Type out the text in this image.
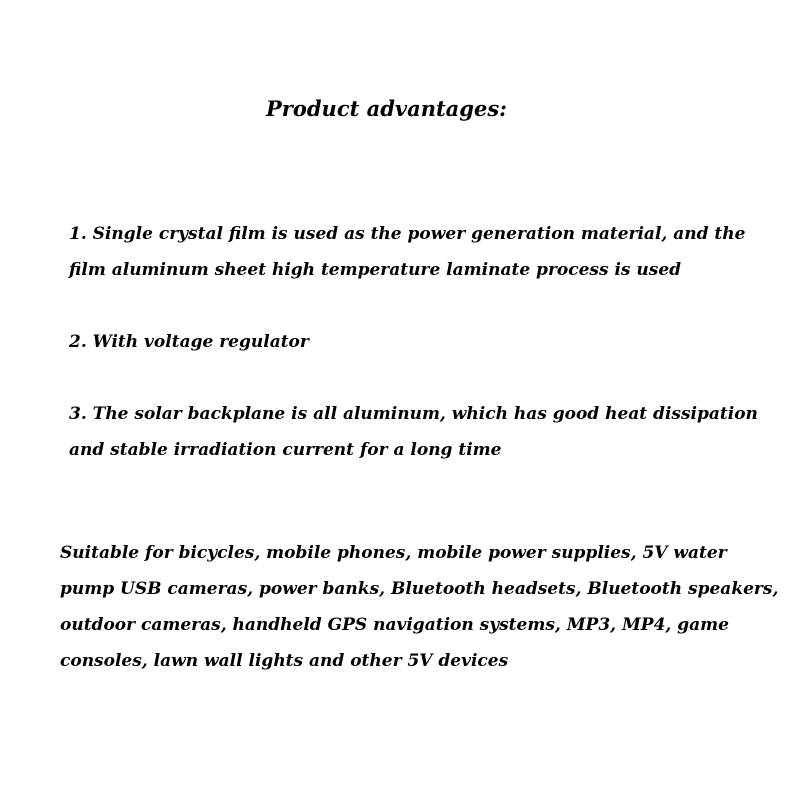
Product advantages:
1. Single crystal film is used as the power generation material, and the
film aluminum sheet high temperature laminate process is used
2. With voltage regulator
3. The solar backplane is all aluminum, which has good heat dissipation
and stable irradiation current for a long time
Suitable for bicycles, mobile phones, mobile power supplies, 5V water
pump USB cameras, power banks, Bluetooth headsets, Bluetooth speakers,
outdoor cameras, handheld GPS navigation systems, MP3, MP4, game
consoles, lawn wall lights and other 5V devices
